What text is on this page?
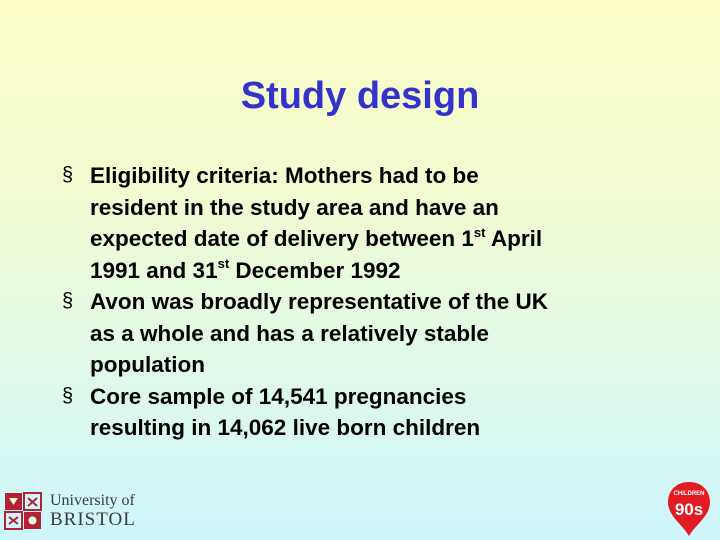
Study design
§ Eligibility criteria: Mothers had to be
resident in the study area and have an
expected date of delivery between 1st April
1991 and 31st December 1992
§ Avon was broadly representative of the UK
as a whole and has a relatively stable
population
§ Core sample of 14,541 pregnancies
resulting in 14,062 live born children
University of
BRISTOL
CHILDREN
90s
